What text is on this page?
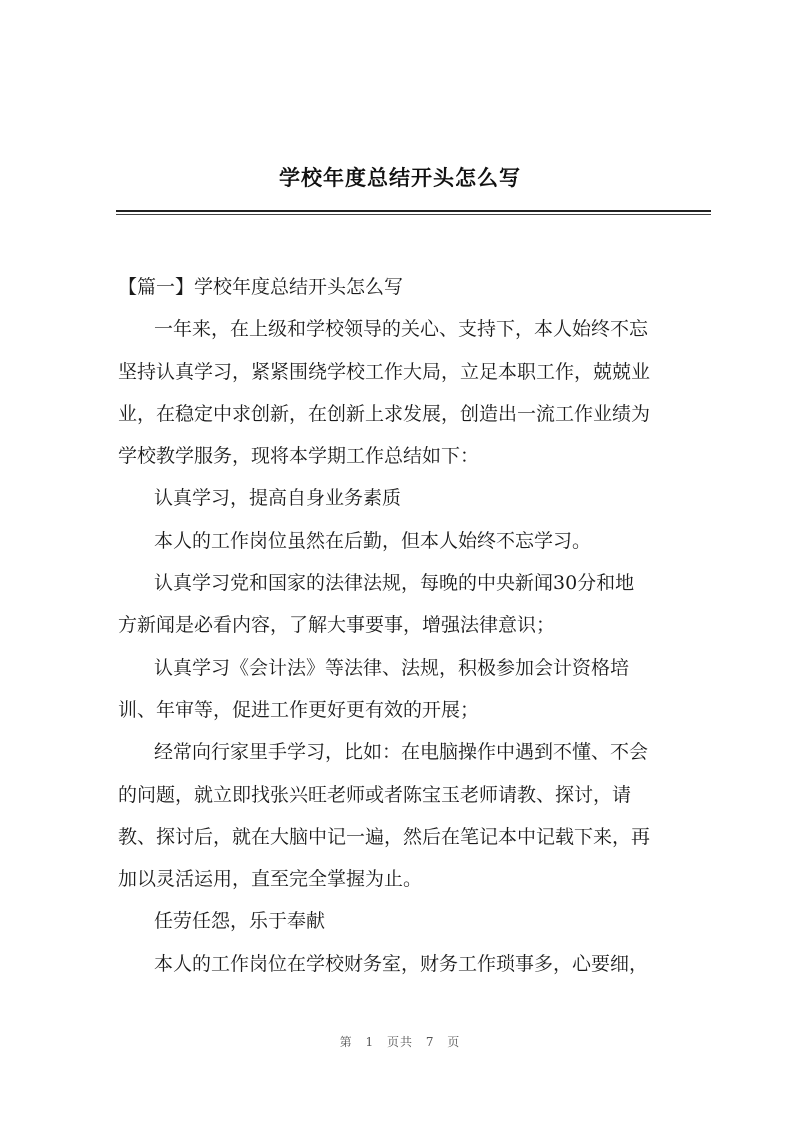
学校年度总结开头怎么写
【篇一】学校年度总结开头怎么写
一年来，在上级和学校领导的关心、支持下，本人始终不忘
坚持认真学习，紧紧围绕学校工作大局，立足本职工作，兢兢业
业，在稳定中求创新，在创新上求发展，创造出一流工作业绩为
学校教学服务，现将本学期工作总结如下：
认真学习，提高自身业务素质
本人的工作岗位虽然在后勤，但本人始终不忘学习。
认真学习党和国家的法律法规，每晚的中央新闻30分和地
方新闻是必看内容，了解大事要事，增强法律意识；
认真学习《会计法》等法律、法规，积极参加会计资格培
训、年审等，促进工作更好更有效的开展；
经常向行家里手学习，比如：在电脑操作中遇到不懂、不会
的问题，就立即找张兴旺老师或者陈宝玉老师请教、探讨，请
教、探讨后，就在大脑中记一遍，然后在笔记本中记载下来，再
加以灵活运用，直至完全掌握为止。
任劳任怨，乐于奉献
本人的工作岗位在学校财务室，财务工作琐事多，心要细，
第 1 页共 7 页
